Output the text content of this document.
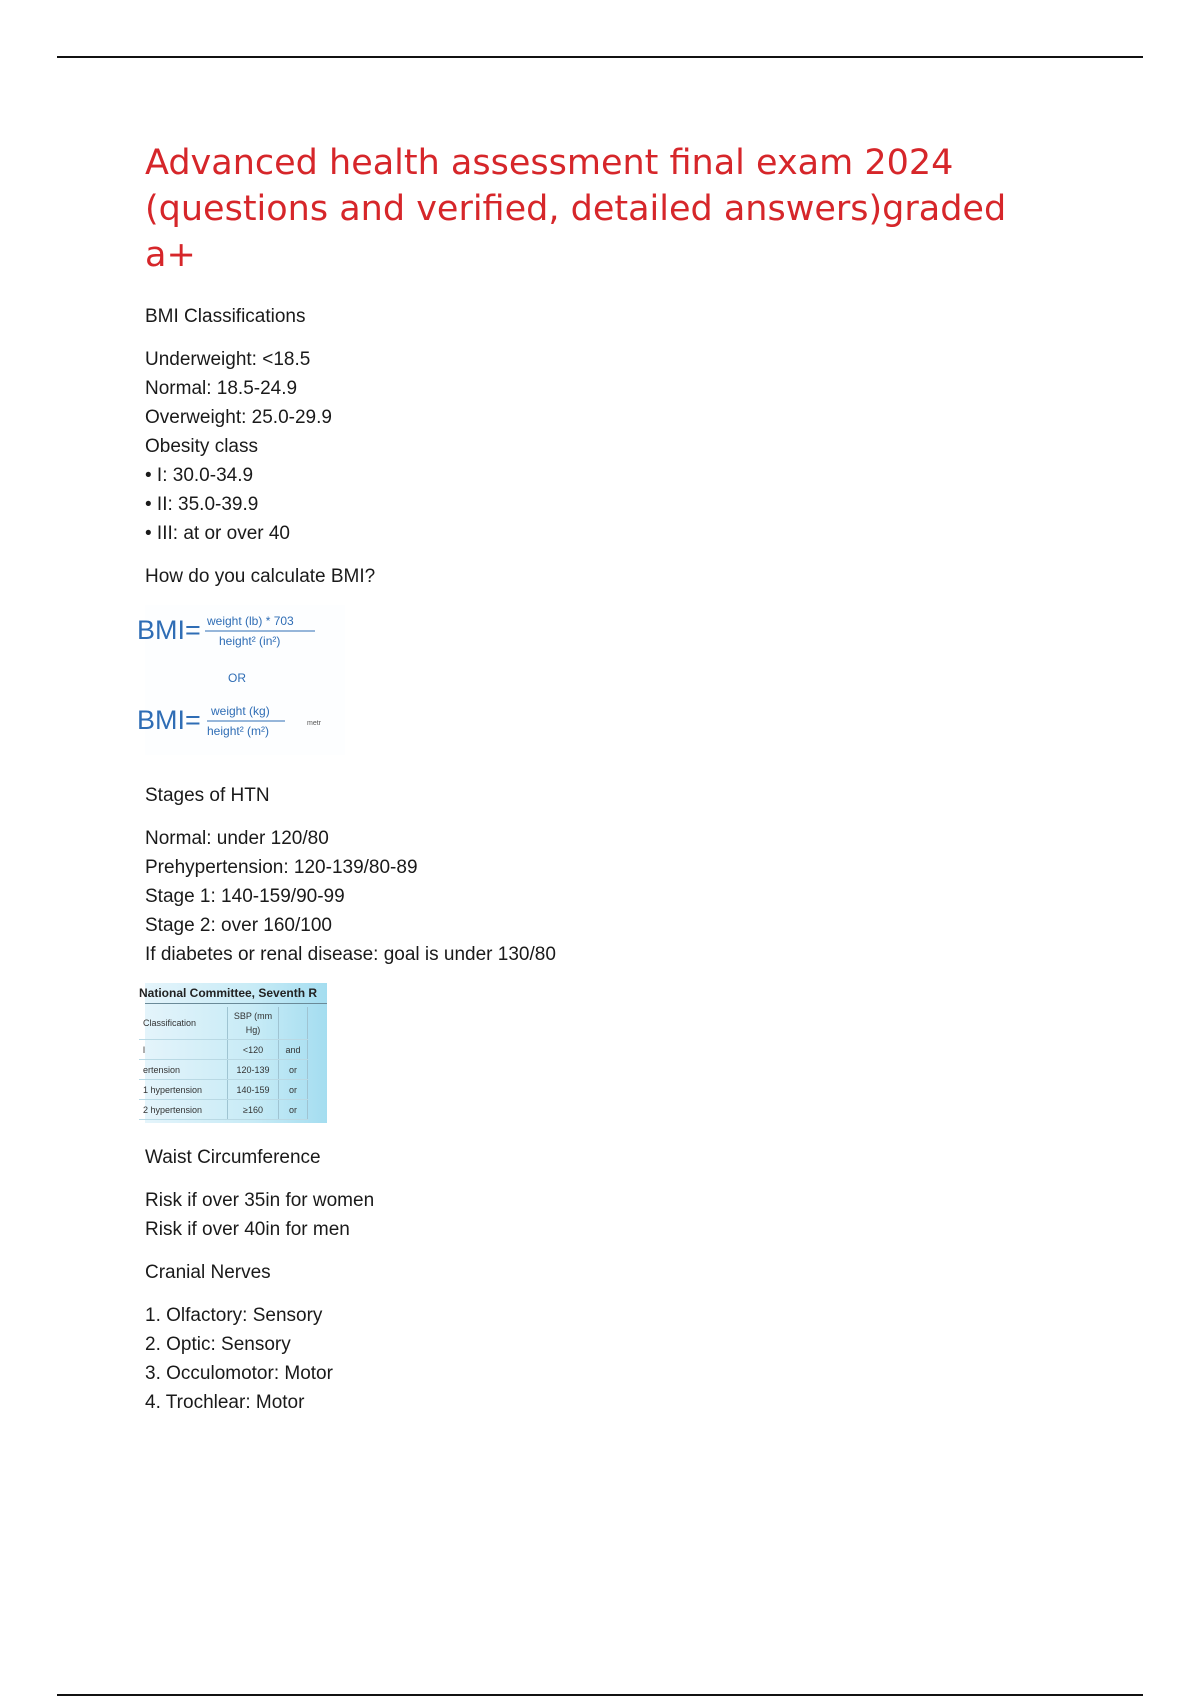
Advanced health assessment final exam 2024 (questions and verified, detailed answers)graded a+

BMI Classifications

Underweight: <18.5
Normal: 18.5-24.9
Overweight: 25.0-29.9
Obesity class
• I: 30.0-34.9
• II: 35.0-39.9
• III: at or over 40

How do you calculate BMI?

BMI= weight (lb) * 703
height² (in²)
OR
BMI= weight (kg)
height² (m²)
metr

Stages of HTN

Normal: under 120/80
Prehypertension: 120-139/80-89
Stage 1: 140-159/90-99
Stage 2: over 160/100
If diabetes or renal disease: goal is under 130/80
National Committee, Seventh R
Classification	SBP (mm Hg)	
l	<120	and
ertension	120-139	or
1 hypertension	140-159	or
2 hypertension	≥160	or

Waist Circumference

Risk if over 35in for women
Risk if over 40in for men

Cranial Nerves

1. Olfactory: Sensory
2. Optic: Sensory
3. Occulomotor: Motor
4. Trochlear: Motor
